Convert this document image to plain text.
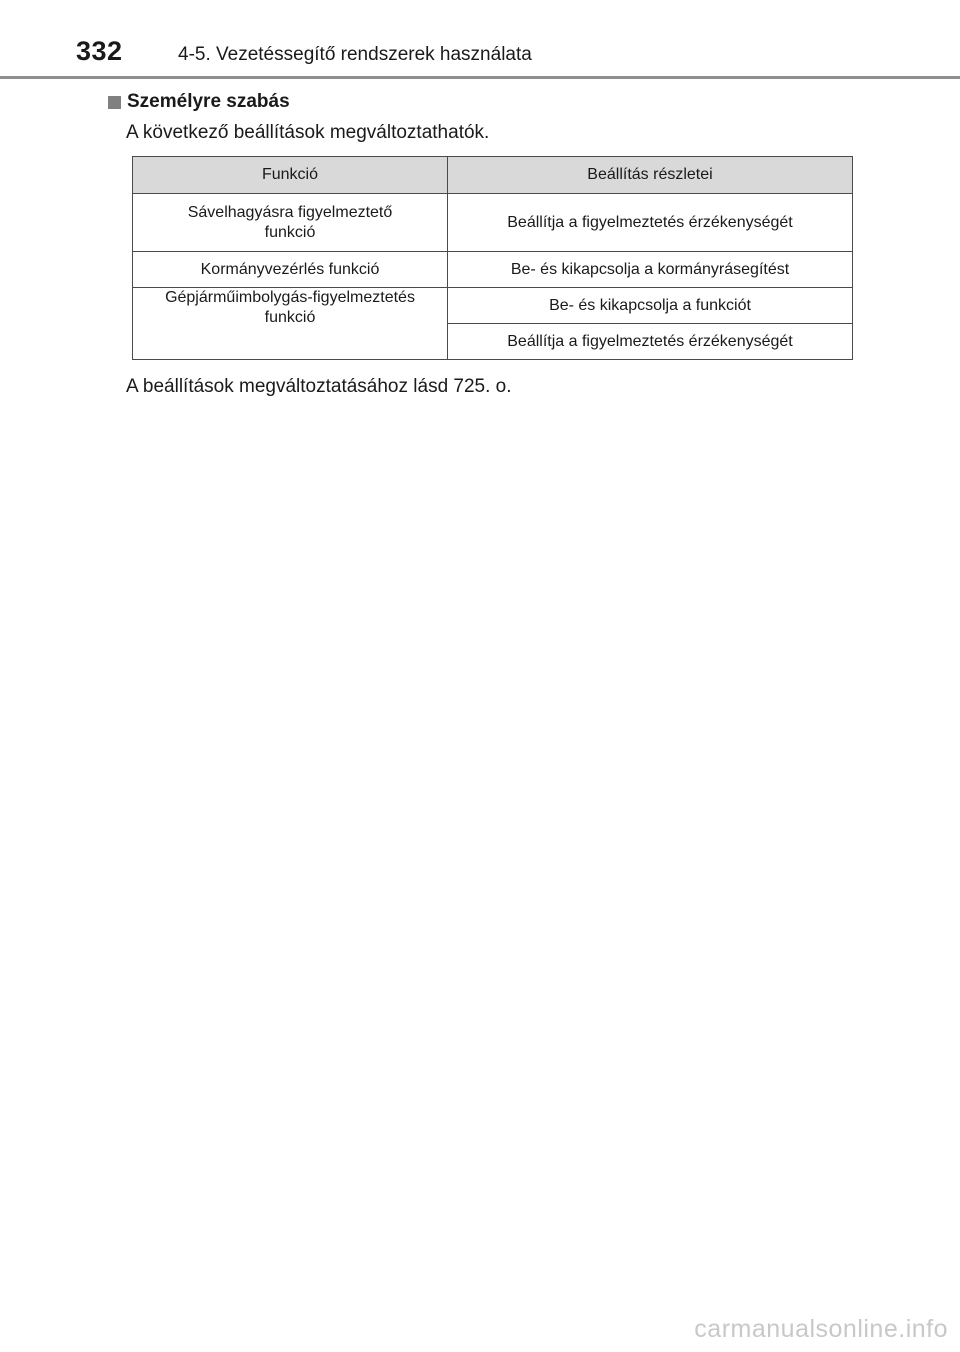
332	4-5. Vezetéssegítő rendszerek használata
Személyre szabás
A következő beállítások megváltoztathatók.
Funkció	Beállítás részletei

Sávelhagyásra figyelmeztető funkció	Beállítja a figyelmeztetés érzékenységét
Kormányvezérlés funkció	Be- és kikapcsolja a kormányrásegítést

Gépjárműimbolygás-figyelmeztetés funkció	Be- és kikapcsolja a funkciót
	Beállítja a figyelmeztetés érzékenységét
A beállítások megváltoztatásához lásd 725. o.
carmanualsonline.info
